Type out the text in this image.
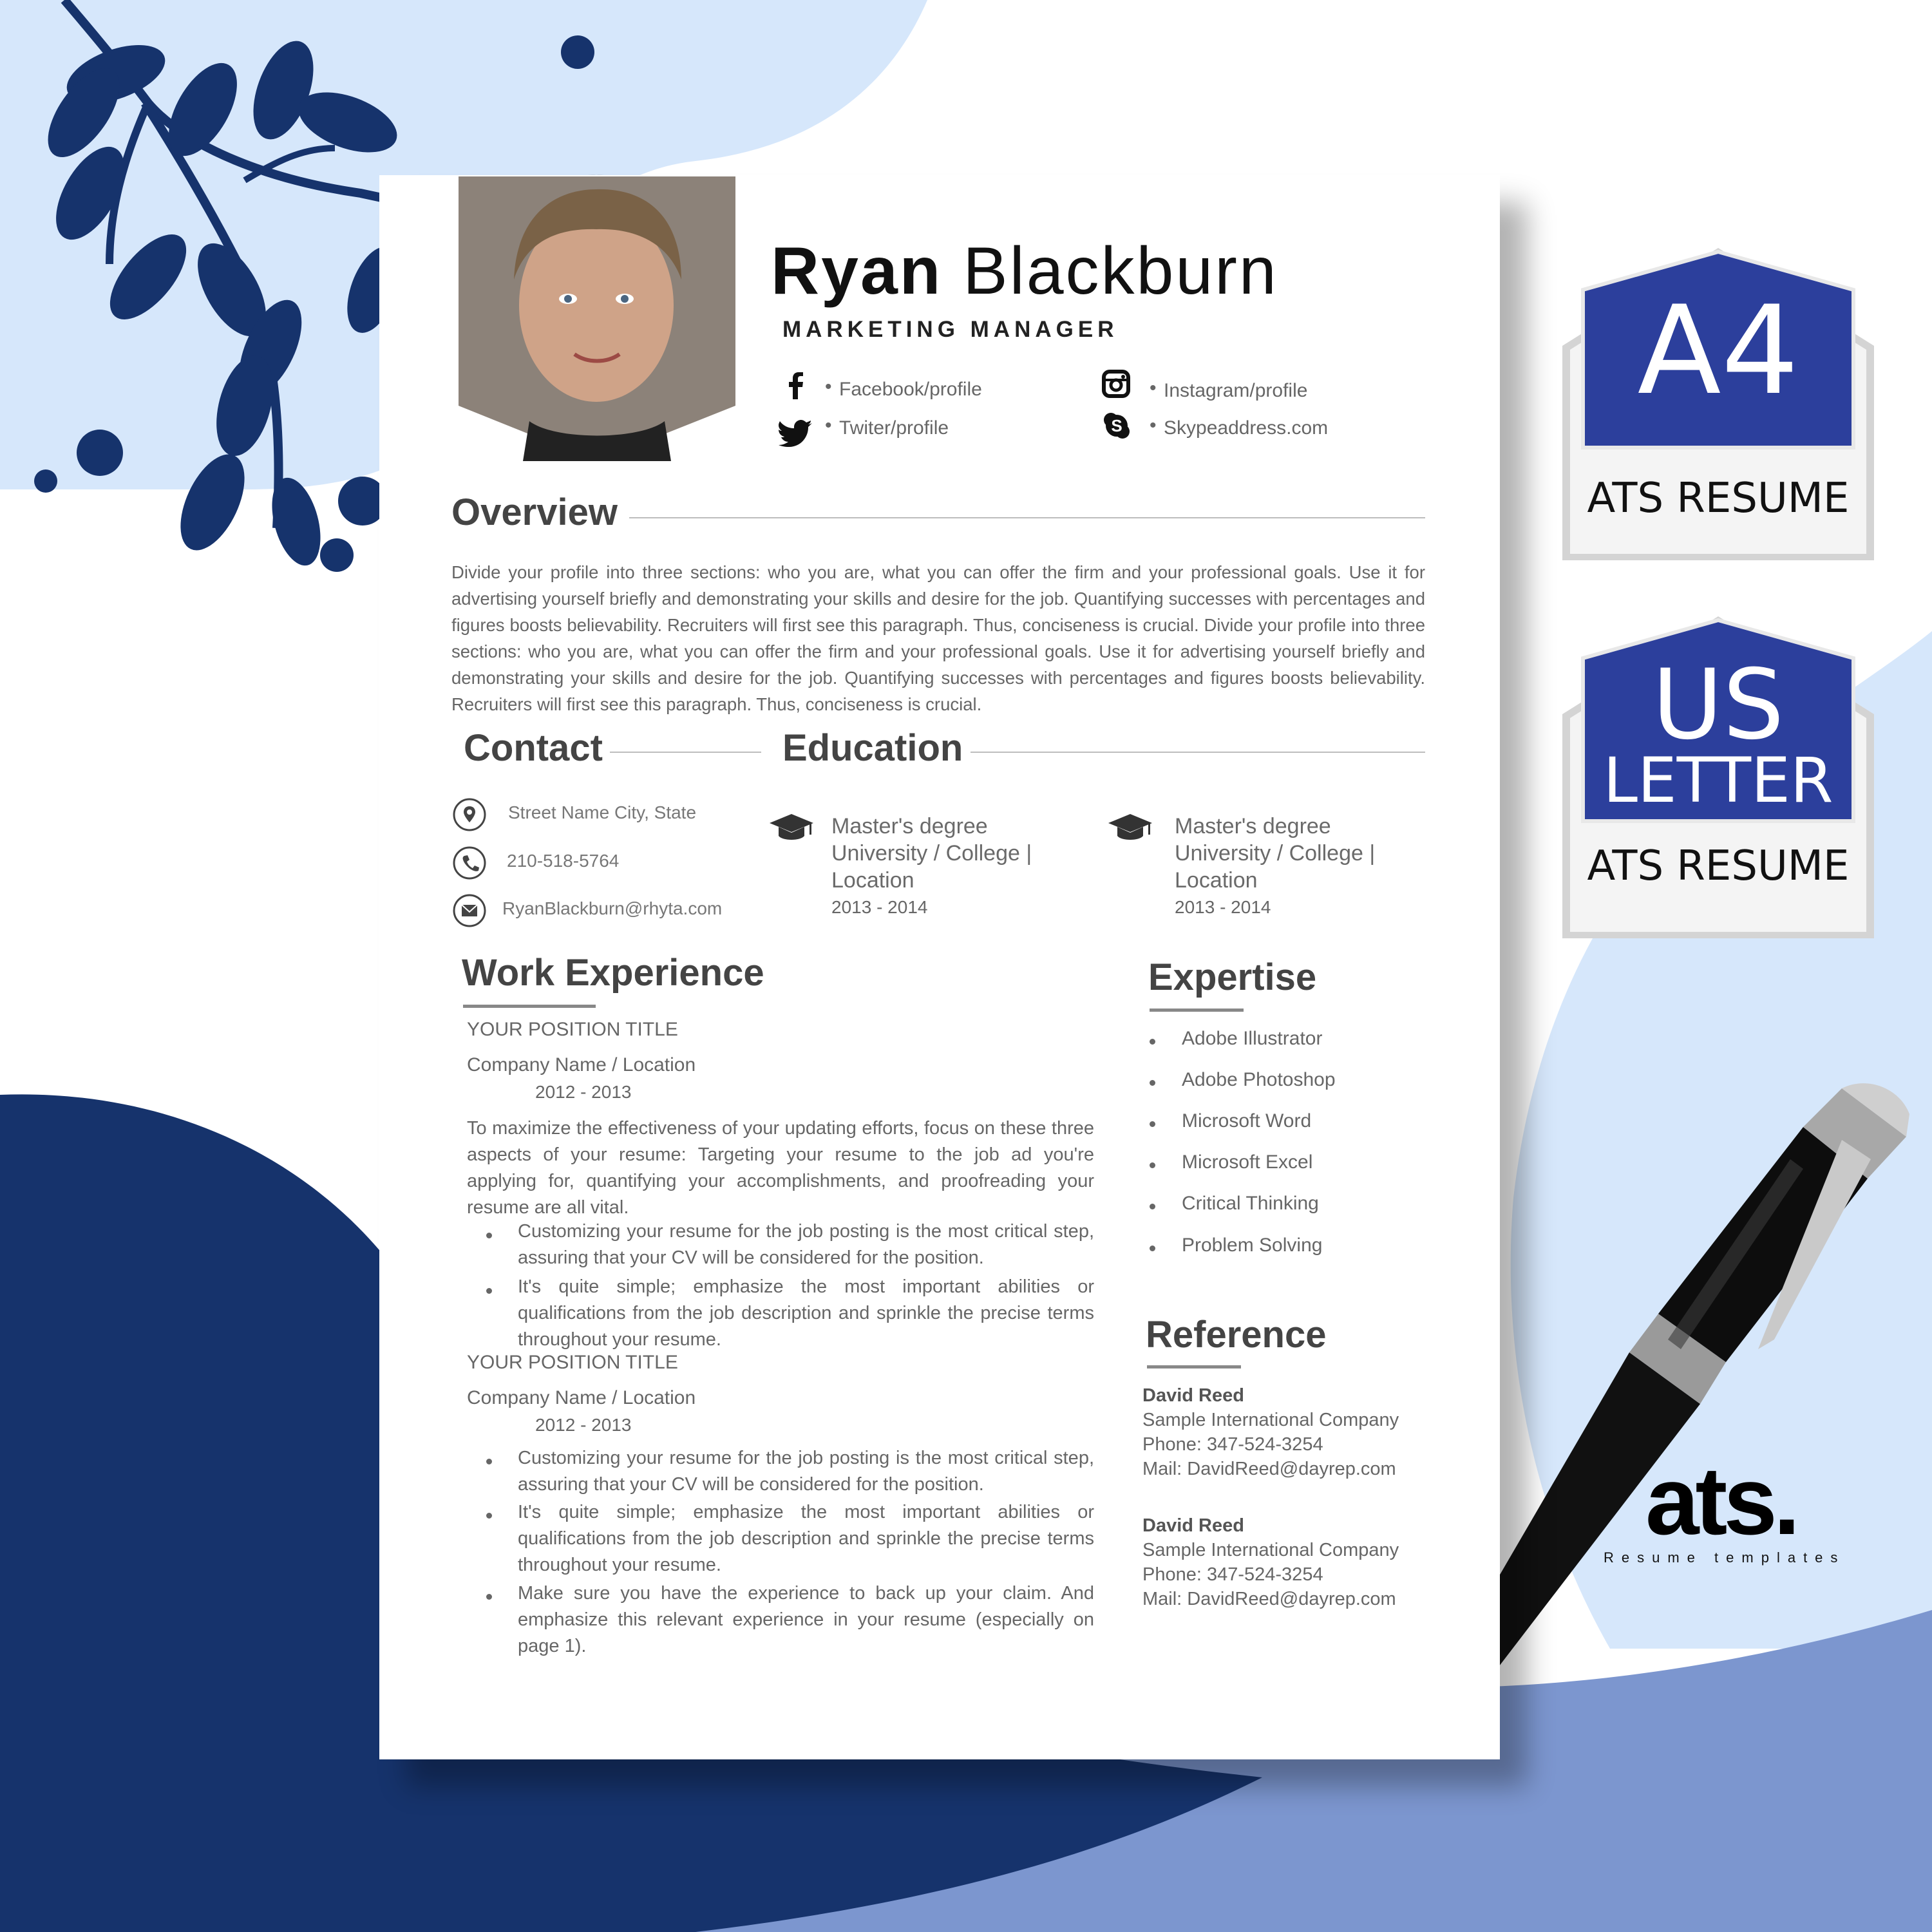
Ryan Blackburn
MARKETING MANAGER
• Facebook/profile
• Twiter/profile
• Instagram/profile
S • Skypeaddress.com
Overview
Divide your profile into three sections: who you are, what you can offer the firm and your professional goals. Use it for advertising yourself briefly and demonstrating your skills and desire for the job. Quantifying successes with percentages and figures boosts believability. Recruiters will first see this paragraph. Thus, conciseness is crucial. Divide your profile into three sections: who you are, what you can offer the firm and your professional goals. Use it for advertising yourself briefly and demonstrating your skills and desire for the job. Quantifying successes with percentages and figures boosts believability. Recruiters will first see this paragraph. Thus, conciseness is crucial.
Contact
Street Name City, State
210-518-5764
RyanBlackburn@rhyta.com
Education
Master's degree
University / College |
Location
2013 - 2014
Master's degree
University / College |
Location
2013 - 2014
Work Experience
YOUR POSITION TITLE
Company Name / Location
2012 - 2013
To maximize the effectiveness of your updating efforts, focus on these three aspects of your resume: Targeting your resume to the job ad you're applying for, quantifying your accomplishments, and proofreading your resume are all vital.
Customizing your resume for the job posting is the most critical step, assuring that your CV will be considered for the position.
It's quite simple; emphasize the most important abilities or qualifications from the job description and sprinkle the precise terms throughout your resume.
YOUR POSITION TITLE
Company Name / Location
2012 - 2013
Customizing your resume for the job posting is the most critical step, assuring that your CV will be considered for the position.
It's quite simple; emphasize the most important abilities or qualifications from the job description and sprinkle the precise terms throughout your resume.
Make sure you have the experience to back up your claim. And emphasize this relevant experience in your resume (especially on page 1).
Expertise
Adobe Illustrator
Adobe Photoshop
Microsoft Word
Microsoft Excel
Critical Thinking
Problem Solving
Reference
David Reed
Sample International Company
Phone: 347-524-3254
Mail: DavidReed@dayrep.com
David Reed
Sample International Company
Phone: 347-524-3254
Mail: DavidReed@dayrep.com
A4
ATS RESUME
US
LETTER
ATS RESUME
ats.
Resume templates
